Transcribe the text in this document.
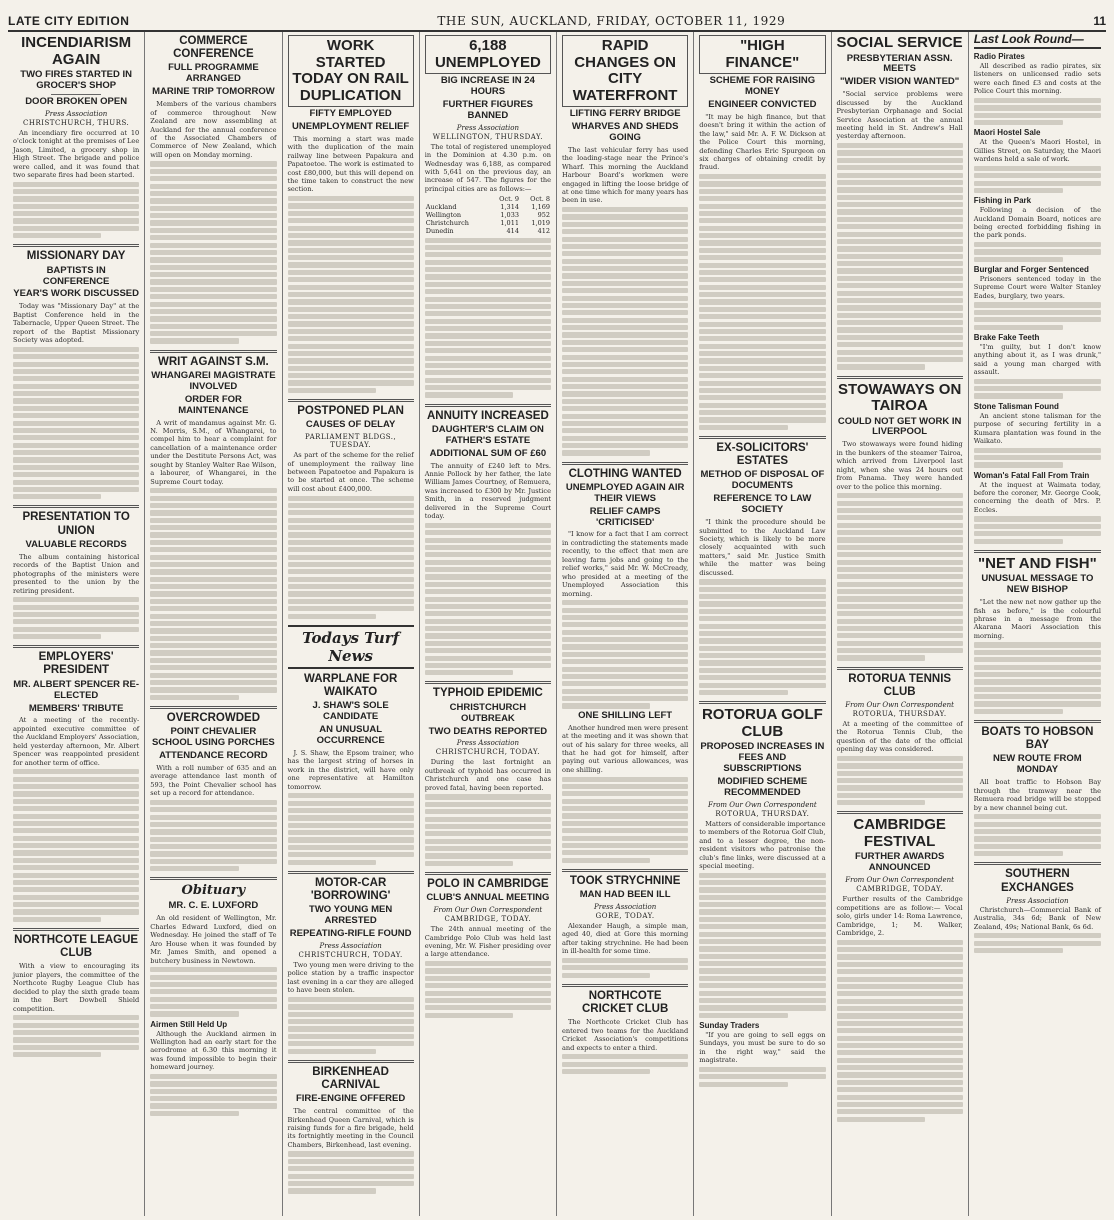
LATE CITY EDITION	THE SUN, AUCKLAND, FRIDAY, OCTOBER 11, 1929	11
INCENDIARISM AGAIN
TWO FIRES STARTED IN GROCER'S SHOP
DOOR BROKEN OPEN
Press Association
CHRISTCHURCH, THURS.

An incendiary fire occurred at 10 o'clock tonight at the premises of Lee Jason, Limited, a grocery shop in High Street. The brigade and police were called, and it was found that two separate fires had been started.

MISSIONARY DAY
BAPTISTS IN CONFERENCE
YEAR'S WORK DISCUSSED

Today was "Missionary Day" at the Baptist Conference held in the Tabernacle, Upper Queen Street. The report of the Baptist Missionary Society was adopted.

PRESENTATION TO UNION
VALUABLE RECORDS

The album containing historical records of the Baptist Union and photographs of the ministers were presented to the union by the retiring president.

EMPLOYERS' PRESIDENT
MR. ALBERT SPENCER RE-ELECTED
MEMBERS' TRIBUTE

At a meeting of the recently-appointed executive committee of the Auckland Employers' Association, held yesterday afternoon, Mr. Albert Spencer was reappointed president for another term of office.

NORTHCOTE LEAGUE CLUB

With a view to encouraging its junior players, the committee of the Northcote Rugby League Club has decided to play the sixth grade team in the Bert Dowbell Shield competition.

COMMERCE CONFERENCE
FULL PROGRAMME ARRANGED
MARINE TRIP TOMORROW

Members of the various chambers of commerce throughout New Zealand are now assembling at Auckland for the annual conference of the Associated Chambers of Commerce of New Zealand, which will open on Monday morning.

WRIT AGAINST S.M.
WHANGAREI MAGISTRATE INVOLVED
ORDER FOR MAINTENANCE

A writ of mandamus against Mr. G. N. Morris, S.M., of Whangarei, to compel him to hear a complaint for cancellation of a maintenance order under the Destitute Persons Act, was sought by Stanley Walter Rae Wilson, a labourer, of Whangarei, in the Supreme Court today.

OVERCROWDED
POINT CHEVALIER SCHOOL USING PORCHES
ATTENDANCE RECORD

With a roll number of 635 and an average attendance last month of 593, the Point Chevalier school has set up a record for attendance.

Obituary
MR. C. E. LUXFORD

An old resident of Wellington, Mr. Charles Edward Luxford, died on Wednesday. He joined the staff of Te Aro House when it was founded by Mr. James Smith, and opened a butchery business in Newtown.

Airmen Still Held Up

Although the Auckland airmen in Wellington had an early start for the aerodrome at 6.30 this morning it was found impossible to begin their homeward journey.

WORK STARTED TODAY ON RAIL DUPLICATION
FIFTY EMPLOYED
UNEMPLOYMENT RELIEF

This morning a start was made with the duplication of the main railway line between Papakura and Papatoetoe. The work is estimated to cost £80,000, but this will depend on the time taken to construct the new section.

POSTPONED PLAN
CAUSES OF DELAY
PARLIAMENT BLDGS., TUESDAY.

As part of the scheme for the relief of unemployment the railway line between Papatoetoe and Papakura is to be started at once. The scheme will cost about £400,000.

Todays Turf News
WARPLANE FOR WAIKATO
J. SHAW'S SOLE CANDIDATE
AN UNUSUAL OCCURRENCE

J. S. Shaw, the Epsom trainer, who has the largest string of horses in work in the district, will have only one representative at Hamilton tomorrow.

MOTOR-CAR 'BORROWING'
TWO YOUNG MEN ARRESTED
REPEATING-RIFLE FOUND
Press Association
CHRISTCHURCH, TODAY.

Two young men were driving to the police station by a traffic inspector last evening in a car they are alleged to have been stolen.

BIRKENHEAD CARNIVAL
FIRE-ENGINE OFFERED

The central committee of the Birkenhead Queen Carnival, which is raising funds for a fire brigade, held its fortnightly meeting in the Council Chambers, Birkenhead, last evening.

6,188 UNEMPLOYED
BIG INCREASE IN 24 HOURS
FURTHER FIGURES BANNED
Press Association
WELLINGTON, THURSDAY.

The total of registered unemployed in the Dominion at 4.30 p.m. on Wednesday was 6,188, as compared with 5,641 on the previous day, an increase of 547. The figures for the principal cities are as follows:—

	Oct. 9	Oct. 8
Auckland	1,314	1,169
Wellington	1,033	952
Christchurch	1,011	1,019
Dunedin	414	412
ANNUITY INCREASED
DAUGHTER'S CLAIM ON FATHER'S ESTATE
ADDITIONAL SUM OF £60

The annuity of £240 left to Mrs. Annie Pollock by her father, the late William James Courtney, of Remuera, was increased to £300 by Mr. Justice Smith, in a reserved judgment delivered in the Supreme Court today.

TYPHOID EPIDEMIC
CHRISTCHURCH OUTBREAK
TWO DEATHS REPORTED
Press Association
CHRISTCHURCH, TODAY.

During the last fortnight an outbreak of typhoid has occurred in Christchurch and one case has proved fatal, having been reported.

POLO IN CAMBRIDGE
CLUB'S ANNUAL MEETING
From Our Own Correspondent
CAMBRIDGE, TODAY.

The 24th annual meeting of the Cambridge Polo Club was held last evening, Mr. W. Fisher presiding over a large attendance.

RAPID CHANGES ON CITY WATERFRONT
LIFTING FERRY BRIDGE
WHARVES AND SHEDS GOING

The last vehicular ferry has used the loading-stage near the Prince's Wharf. This morning the Auckland Harbour Board's workmen were engaged in lifting the loose bridge of at one time which for many years has been in use.

CLOTHING WANTED
UNEMPLOYED AGAIN AIR THEIR VIEWS
RELIEF CAMPS 'CRITICISED'

"I know for a fact that I am correct in contradicting the statements made recently, to the effect that men are leaving farm jobs and going to the relief works," said Mr. W. McCready, who presided at a meeting of the Unemployed Association this morning.

ONE SHILLING LEFT

Another hundred men were present at the meeting and it was shown that out of his salary for three weeks, all that he had got for himself, after paying out various allowances, was one shilling.

TOOK STRYCHNINE
MAN HAD BEEN ILL
Press Association
GORE, TODAY.

Alexander Haugh, a simple man, aged 40, died at Gore this morning after taking strychnine. He had been in ill-health for some time.

NORTHCOTE CRICKET CLUB

The Northcote Cricket Club has entered two teams for the Auckland Cricket Association's competitions and expects to enter a third.

"HIGH FINANCE"
SCHEME FOR RAISING MONEY
ENGINEER CONVICTED

"It may be high finance, but that doesn't bring it within the action of the law," said Mr. A. F. W. Dickson at the Police Court this morning, defending Charles Eric Spurgeon on six charges of obtaining credit by fraud.

EX-SOLICITORS' ESTATES
METHOD OF DISPOSAL OF DOCUMENTS
REFERENCE TO LAW SOCIETY

"I think the procedure should be submitted to the Auckland Law Society, which is likely to be more closely acquainted with such matters," said Mr. Justice Smith while the matter was being discussed.

ROTORUA GOLF CLUB
PROPOSED INCREASES IN FEES AND SUBSCRIPTIONS
MODIFIED SCHEME RECOMMENDED
From Our Own Correspondent
ROTORUA, THURSDAY.

Matters of considerable importance to members of the Rotorua Golf Club, and to a lesser degree, the non-resident visitors who patronise the club's fine links, were discussed at a special meeting.

Sunday Traders

"If you are going to sell eggs on Sundays, you must be sure to do so in the right way," said the magistrate.

SOCIAL SERVICE
PRESBYTERIAN ASSN. MEETS
"WIDER VISION WANTED"

"Social service problems were discussed by the Auckland Presbyterian Orphanage and Social Service Association at the annual meeting held in St. Andrew's Hall yesterday afternoon.

STOWAWAYS ON TAIROA
COULD NOT GET WORK IN LIVERPOOL

Two stowaways were found hiding in the bunkers of the steamer Tairoa, which arrived from Liverpool last night, when she was 24 hours out from Panama. They were handed over to the police this morning.

ROTORUA TENNIS CLUB
From Our Own Correspondent
ROTORUA, THURSDAY.

At a meeting of the committee of the Rotorua Tennis Club, the question of the date of the official opening day was considered.

CAMBRIDGE FESTIVAL
FURTHER AWARDS ANNOUNCED
From Our Own Correspondent
CAMBRIDGE, TODAY.

Further results of the Cambridge competitions are as follow:— Vocal solo, girls under 14: Roma Lawrence, Cambridge, 1; M. Walker, Cambridge, 2.

Last Look Round—
Radio Pirates

All described as radio pirates, six listeners on unlicensed radio sets were each fined £3 and costs at the Police Court this morning.

Maori Hostel Sale

At the Queen's Maori Hostel, in Gillies Street, on Saturday, the Maori wardens held a sale of work.

Fishing in Park

Following a decision of the Auckland Domain Board, notices are being erected forbidding fishing in the park ponds.

Burglar and Forger Sentenced

Prisoners sentenced today in the Supreme Court were Walter Stanley Eades, burglary, two years.

Brake Fake Teeth

"I'm guilty, but I don't know anything about it, as I was drunk," said a young man charged with assault.

Stone Talisman Found

An ancient stone talisman for the purpose of securing fertility in a Kumara plantation was found in the Waikato.

Woman's Fatal Fall From Train

At the inquest at Waimata today, before the coroner, Mr. George Cook, concerning the death of Mrs. P. Eccles.

"NET AND FISH"
UNUSUAL MESSAGE TO NEW BISHOP

"Let the new net now gather up the fish as before," is the colourful phrase in a message from the Akarana Maori Association this morning.

BOATS TO HOBSON BAY
NEW ROUTE FROM MONDAY

All boat traffic to Hobson Bay through the tramway near the Remuera road bridge will be stopped by a new channel being cut.

SOUTHERN EXCHANGES
Press Association

Christchurch—Commercial Bank of Australia, 34s 6d; Bank of New Zealand, 49s; National Bank, 6s 6d.
